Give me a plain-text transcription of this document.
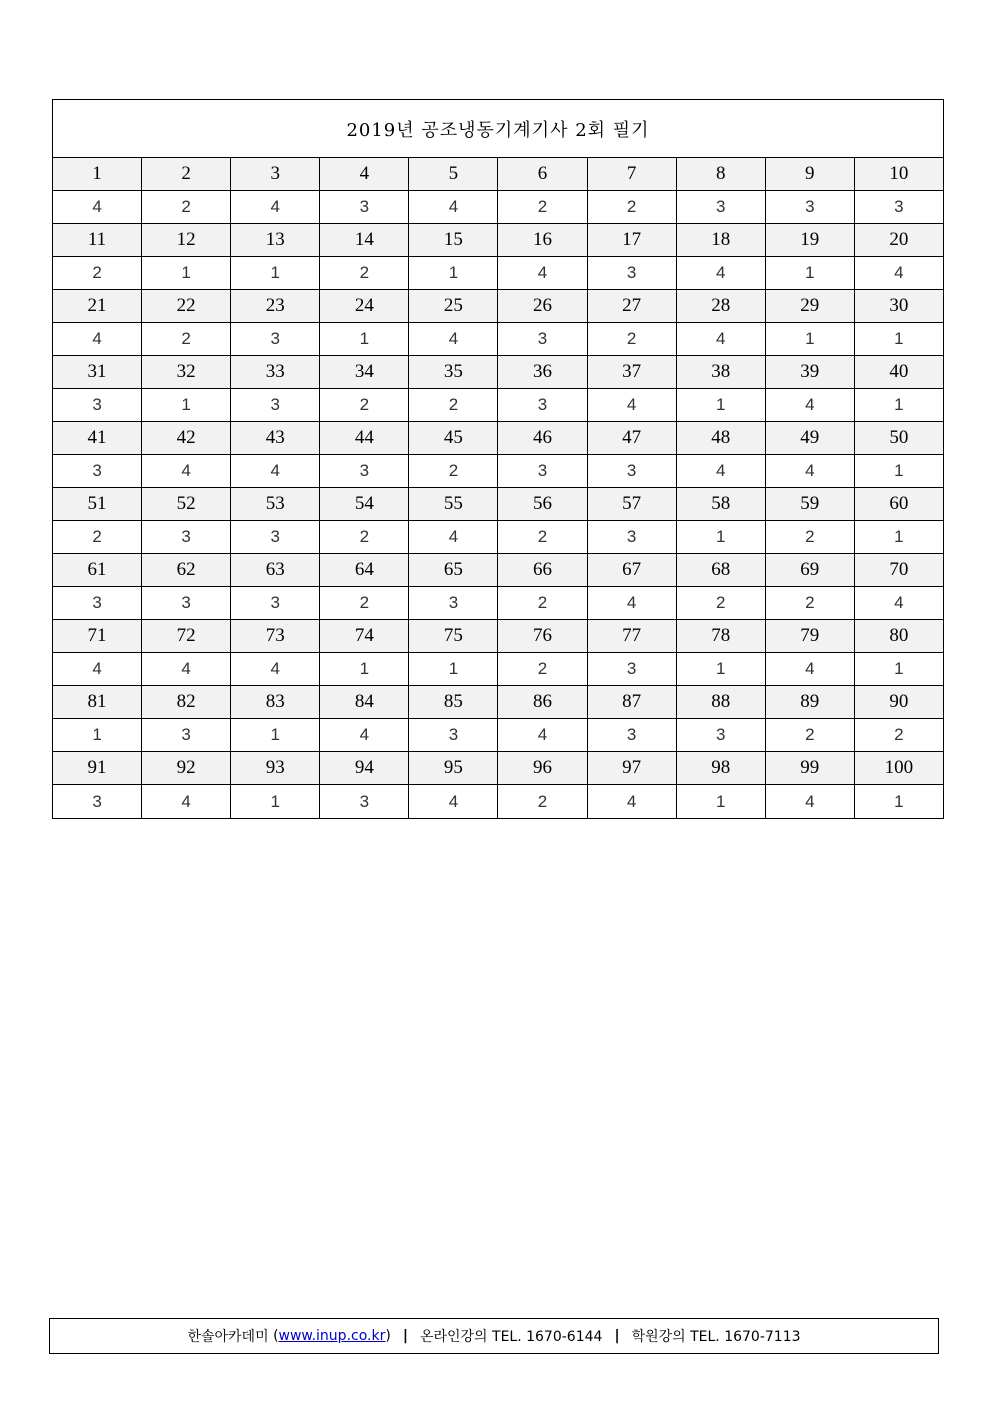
2019년 공조냉동기계기사 2회 필기
1	2	3	4	5	6	7	8	9	10
4	2	4	3	4	2	2	3	3	3
11	12	13	14	15	16	17	18	19	20
2	1	1	2	1	4	3	4	1	4
21	22	23	24	25	26	27	28	29	30
4	2	3	1	4	3	2	4	1	1
31	32	33	34	35	36	37	38	39	40
3	1	3	2	2	3	4	1	4	1
41	42	43	44	45	46	47	48	49	50
3	4	4	3	2	3	3	4	4	1
51	52	53	54	55	56	57	58	59	60
2	3	3	2	4	2	3	1	2	1
61	62	63	64	65	66	67	68	69	70
3	3	3	2	3	2	4	2	2	4
71	72	73	74	75	76	77	78	79	80
4	4	4	1	1	2	3	1	4	1
81	82	83	84	85	86	87	88	89	90
1	3	1	4	3	4	3	3	2	2
91	92	93	94	95	96	97	98	99	100
3	4	1	3	4	2	4	1	4	1
한솔아카데미
( www.inup.co.kr ) | 온라인강의 TEL. 1670-6144 | 학원강의 TEL. 1670-7113
